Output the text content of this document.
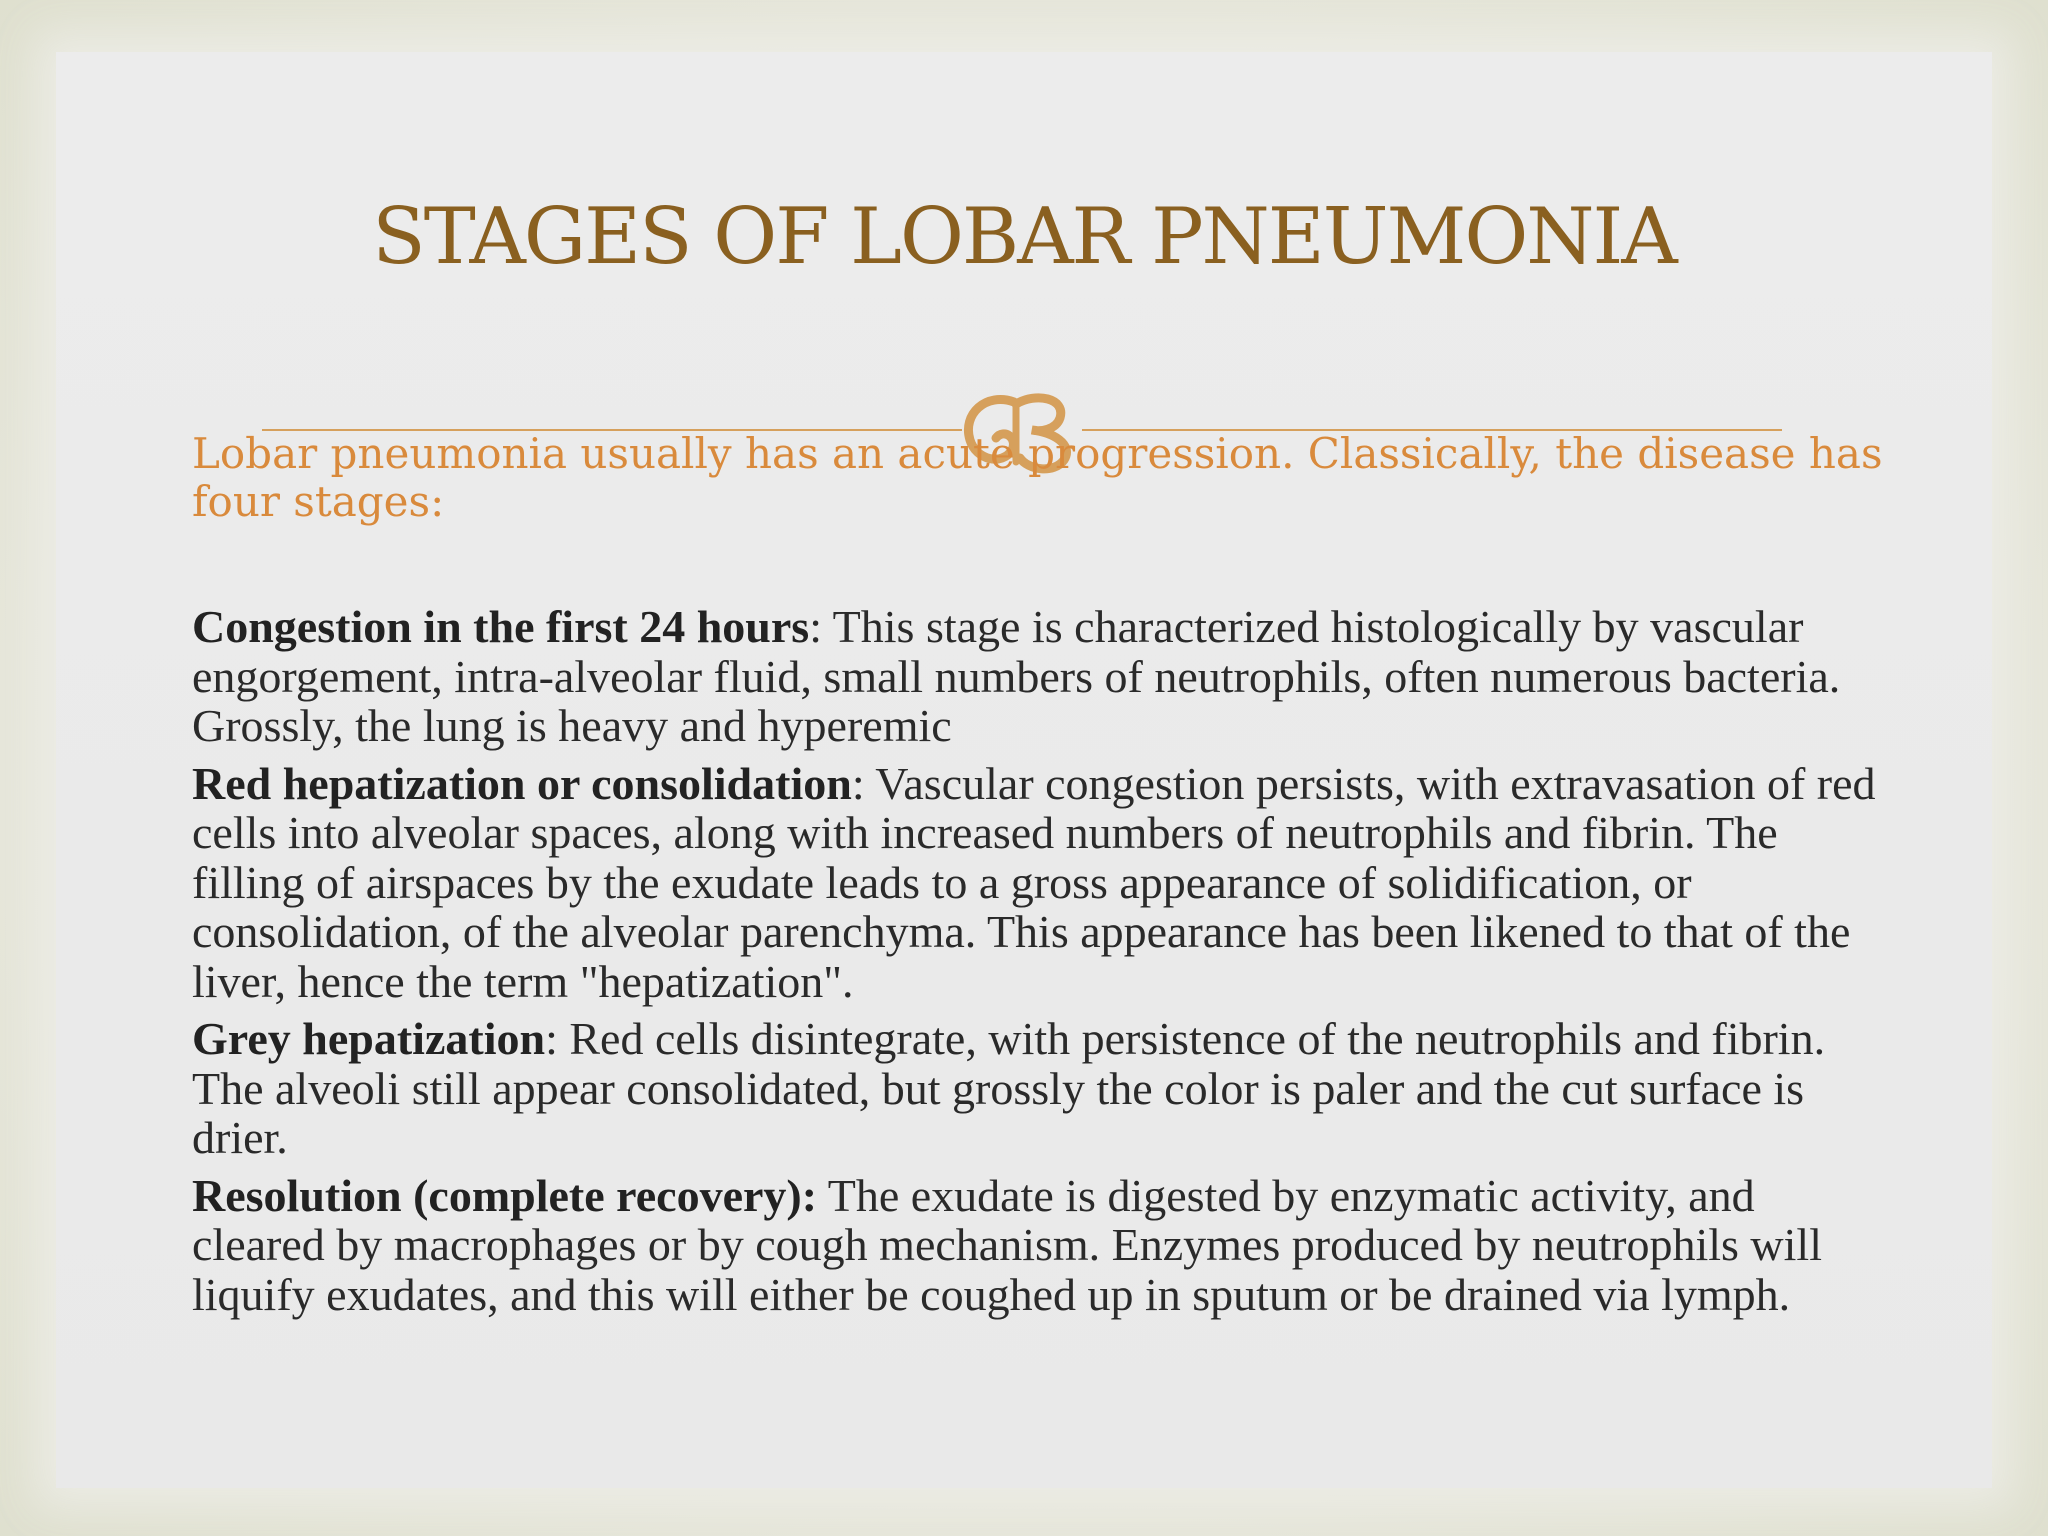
STAGES OF LOBAR PNEUMONIA

Lobar pneumonia usually has an acute progression. Classically, the disease has four stages:

Congestion in the first 24 hours: This stage is characterized histologically by vascular engorgement, intra-alveolar fluid, small numbers of neutrophils, often numerous bacteria. Grossly, the lung is heavy and hyperemic

Red hepatization or consolidation: Vascular congestion persists, with extravasation of red cells into alveolar spaces, along with increased numbers of neutrophils and fibrin. The filling of airspaces by the exudate leads to a gross appearance of solidification, or consolidation, of the alveolar parenchyma. This appearance has been likened to that of the liver, hence the term "hepatization".

Grey hepatization: Red cells disintegrate, with persistence of the neutrophils and fibrin. The alveoli still appear consolidated, but grossly the color is paler and the cut surface is drier.

Resolution (complete recovery): The exudate is digested by enzymatic activity, and cleared by macrophages or by cough mechanism. Enzymes produced by neutrophils will liquify exudates, and this will either be coughed up in sputum or be drained via lymph.
